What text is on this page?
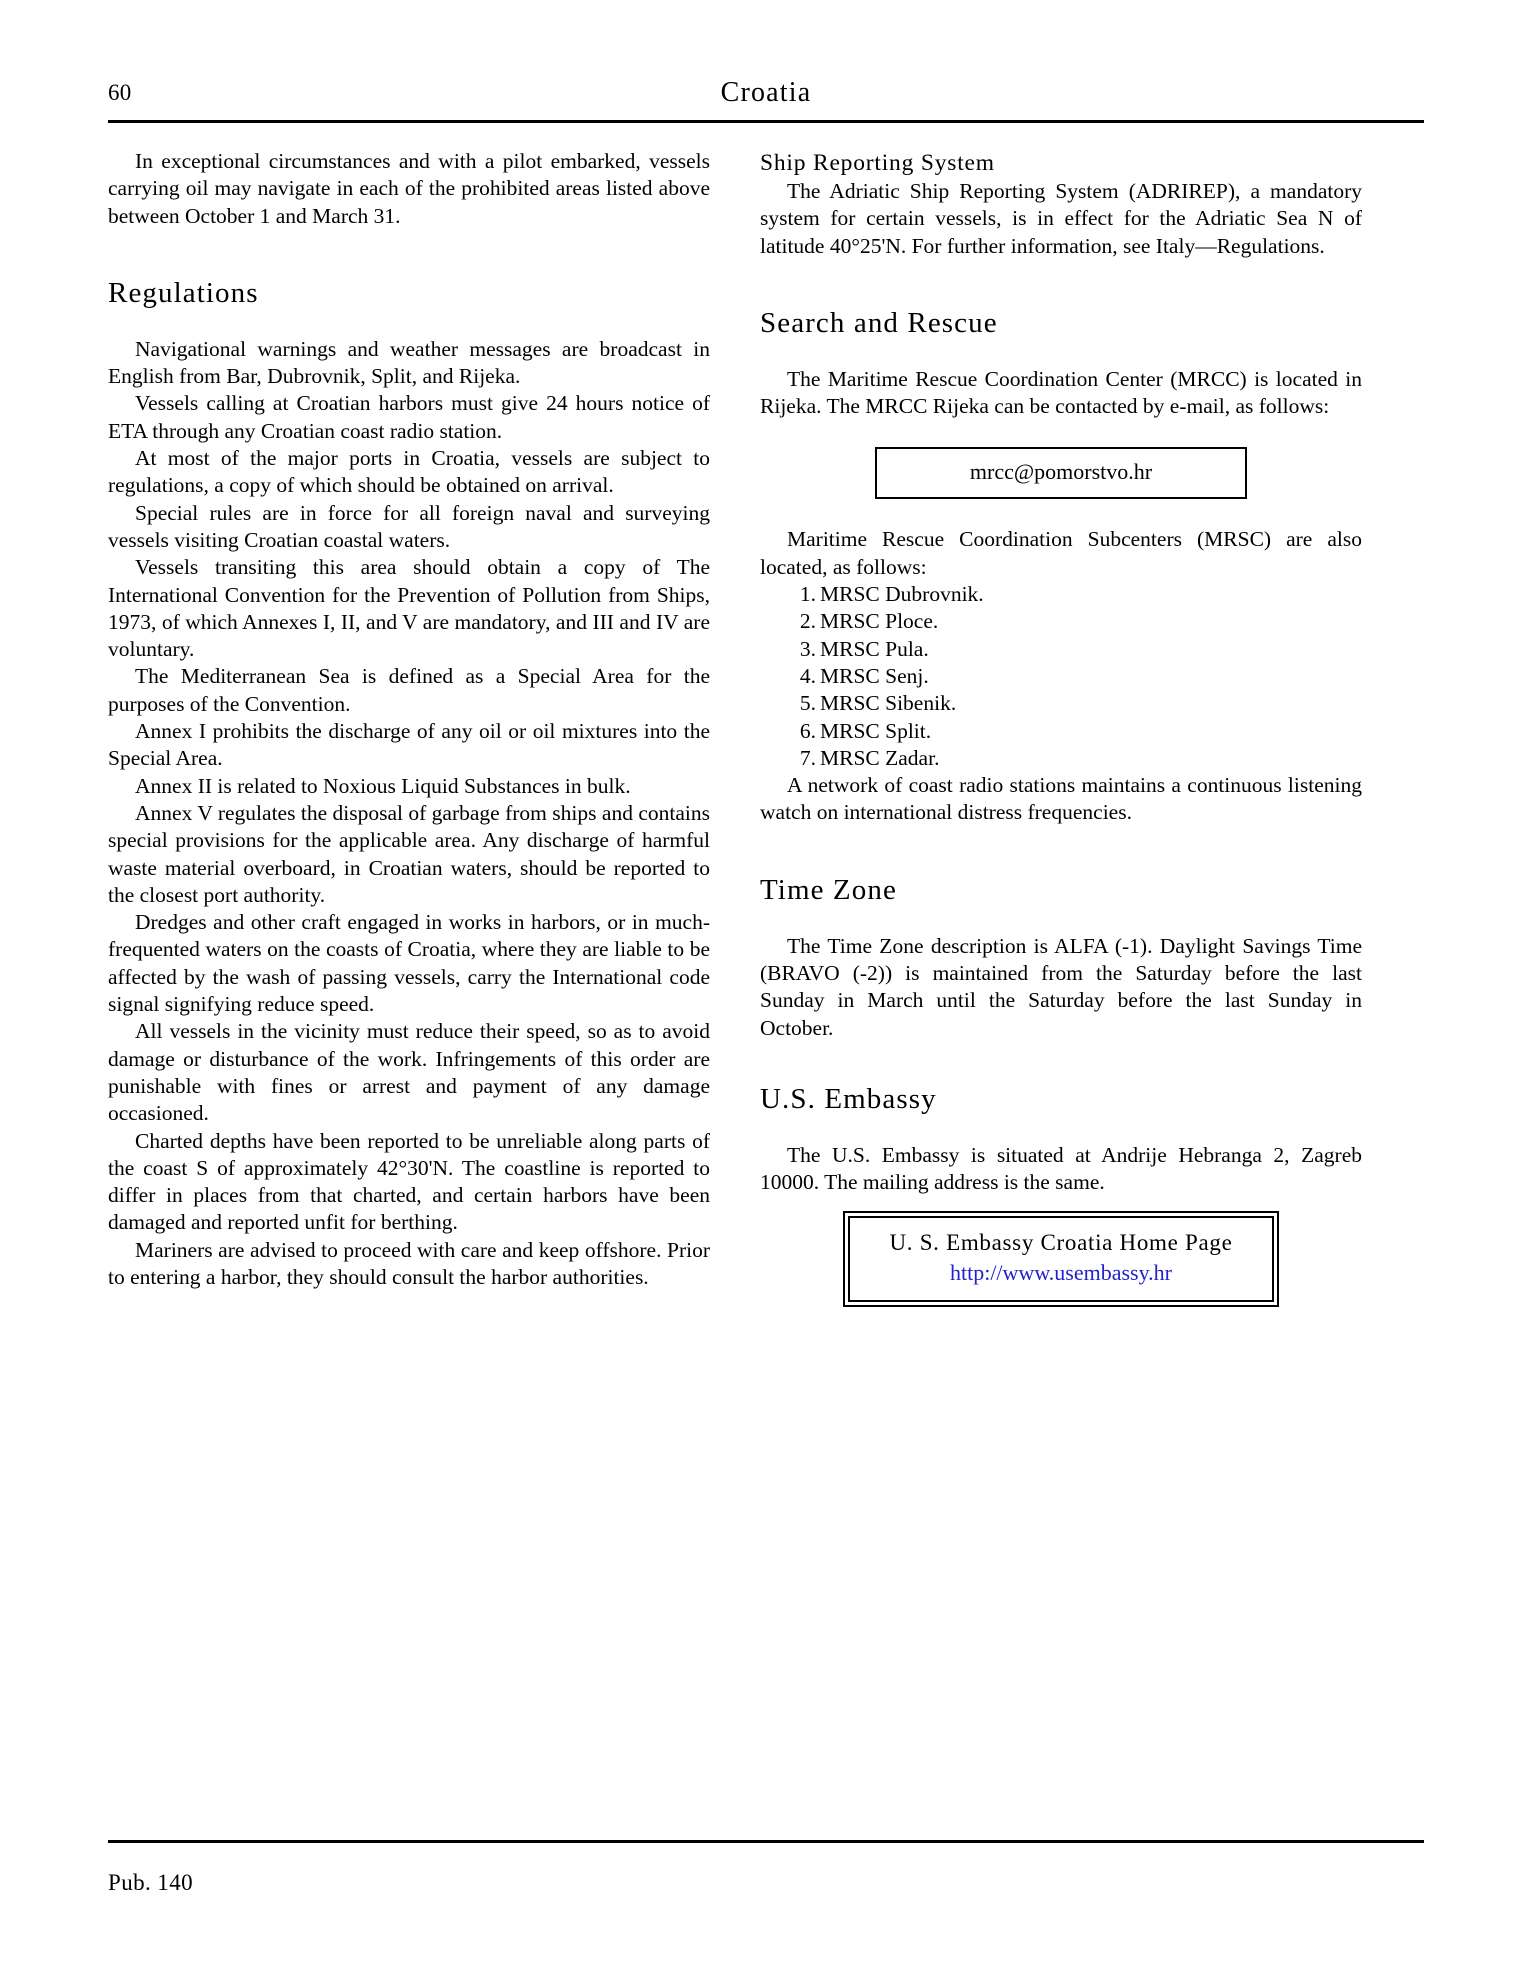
60	Croatia

In exceptional circumstances and with a pilot embarked, vessels carrying oil may navigate in each of the prohibited areas listed above between October 1 and March 31.

Regulations

Navigational warnings and weather messages are broadcast in English from Bar, Dubrovnik, Split, and Rijeka.

Vessels calling at Croatian harbors must give 24 hours notice of ETA through any Croatian coast radio station.

At most of the major ports in Croatia, vessels are subject to regulations, a copy of which should be obtained on arrival.

Special rules are in force for all foreign naval and surveying vessels visiting Croatian coastal waters.

Vessels transiting this area should obtain a copy of The International Convention for the Prevention of Pollution from Ships, 1973, of which Annexes I, II, and V are mandatory, and III and IV are voluntary.

The Mediterranean Sea is defined as a Special Area for the purposes of the Convention.

Annex I prohibits the discharge of any oil or oil mixtures into the Special Area.

Annex II is related to Noxious Liquid Substances in bulk.

Annex V regulates the disposal of garbage from ships and contains special provisions for the applicable area. Any discharge of harmful waste material overboard, in Croatian waters, should be reported to the closest port authority.

Dredges and other craft engaged in works in harbors, or in much-frequented waters on the coasts of Croatia, where they are liable to be affected by the wash of passing vessels, carry the International code signal signifying reduce speed.

All vessels in the vicinity must reduce their speed, so as to avoid damage or disturbance of the work. Infringements of this order are punishable with fines or arrest and payment of any damage occasioned.

Charted depths have been reported to be unreliable along parts of the coast S of approximately 42°30'N. The coastline is reported to differ in places from that charted, and certain harbors have been damaged and reported unfit for berthing.

Mariners are advised to proceed with care and keep offshore. Prior to entering a harbor, they should consult the harbor authorities.

Ship Reporting System

The Adriatic Ship Reporting System (ADRIREP), a mandatory system for certain vessels, is in effect for the Adriatic Sea N of latitude 40°25'N. For further information, see Italy—Regulations.

Search and Rescue

The Maritime Rescue Coordination Center (MRCC) is located in Rijeka. The MRCC Rijeka can be contacted by e-mail, as follows:

mrcc@pomorstvo.hr

Maritime Rescue Coordination Subcenters (MRSC) are also located, as follows:

1. MRSC Dubrovnik.
2. MRSC Ploce.
3. MRSC Pula.
4. MRSC Senj.
5. MRSC Sibenik.
6. MRSC Split.
7. MRSC Zadar.

A network of coast radio stations maintains a continuous listening watch on international distress frequencies.

Time Zone

The Time Zone description is ALFA (-1). Daylight Savings Time (BRAVO (-2)) is maintained from the Saturday before the last Sunday in March until the Saturday before the last Sunday in October.

U.S. Embassy

The U.S. Embassy is situated at Andrije Hebranga 2, Zagreb 10000. The mailing address is the same.

U. S. Embassy Croatia Home Page
http://www.usembassy.hr
Pub. 140
